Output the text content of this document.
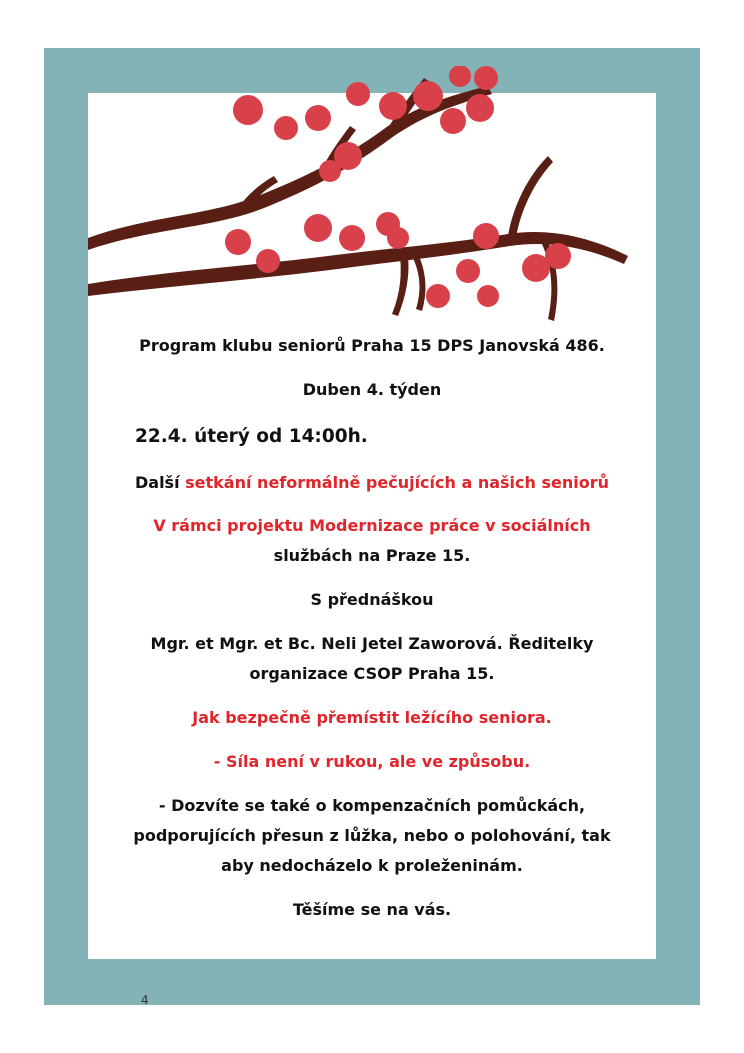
Program klubu seniorů Praha 15 DPS Janovská 486.
Duben 4. týden
22.4. úterý od 14:00h.
Další setkání neformálně pečujících a našich seniorů
V rámci projektu Modernizace práce v sociálních
službách na Praze 15.
S přednáškou
Mgr. et Mgr. et Bc. Neli Jetel Zaworová. Ředitelky
organizace CSOP Praha 15.
Jak bezpečně přemístit ležícího seniora.
- Síla není v rukou, ale ve způsobu.
- Dozvíte se také o kompenzačních pomůckách,
podporujících přesun z lůžka, nebo o polohování, tak
aby nedocházelo k proleženinám.
Těšíme se na vás.
4
